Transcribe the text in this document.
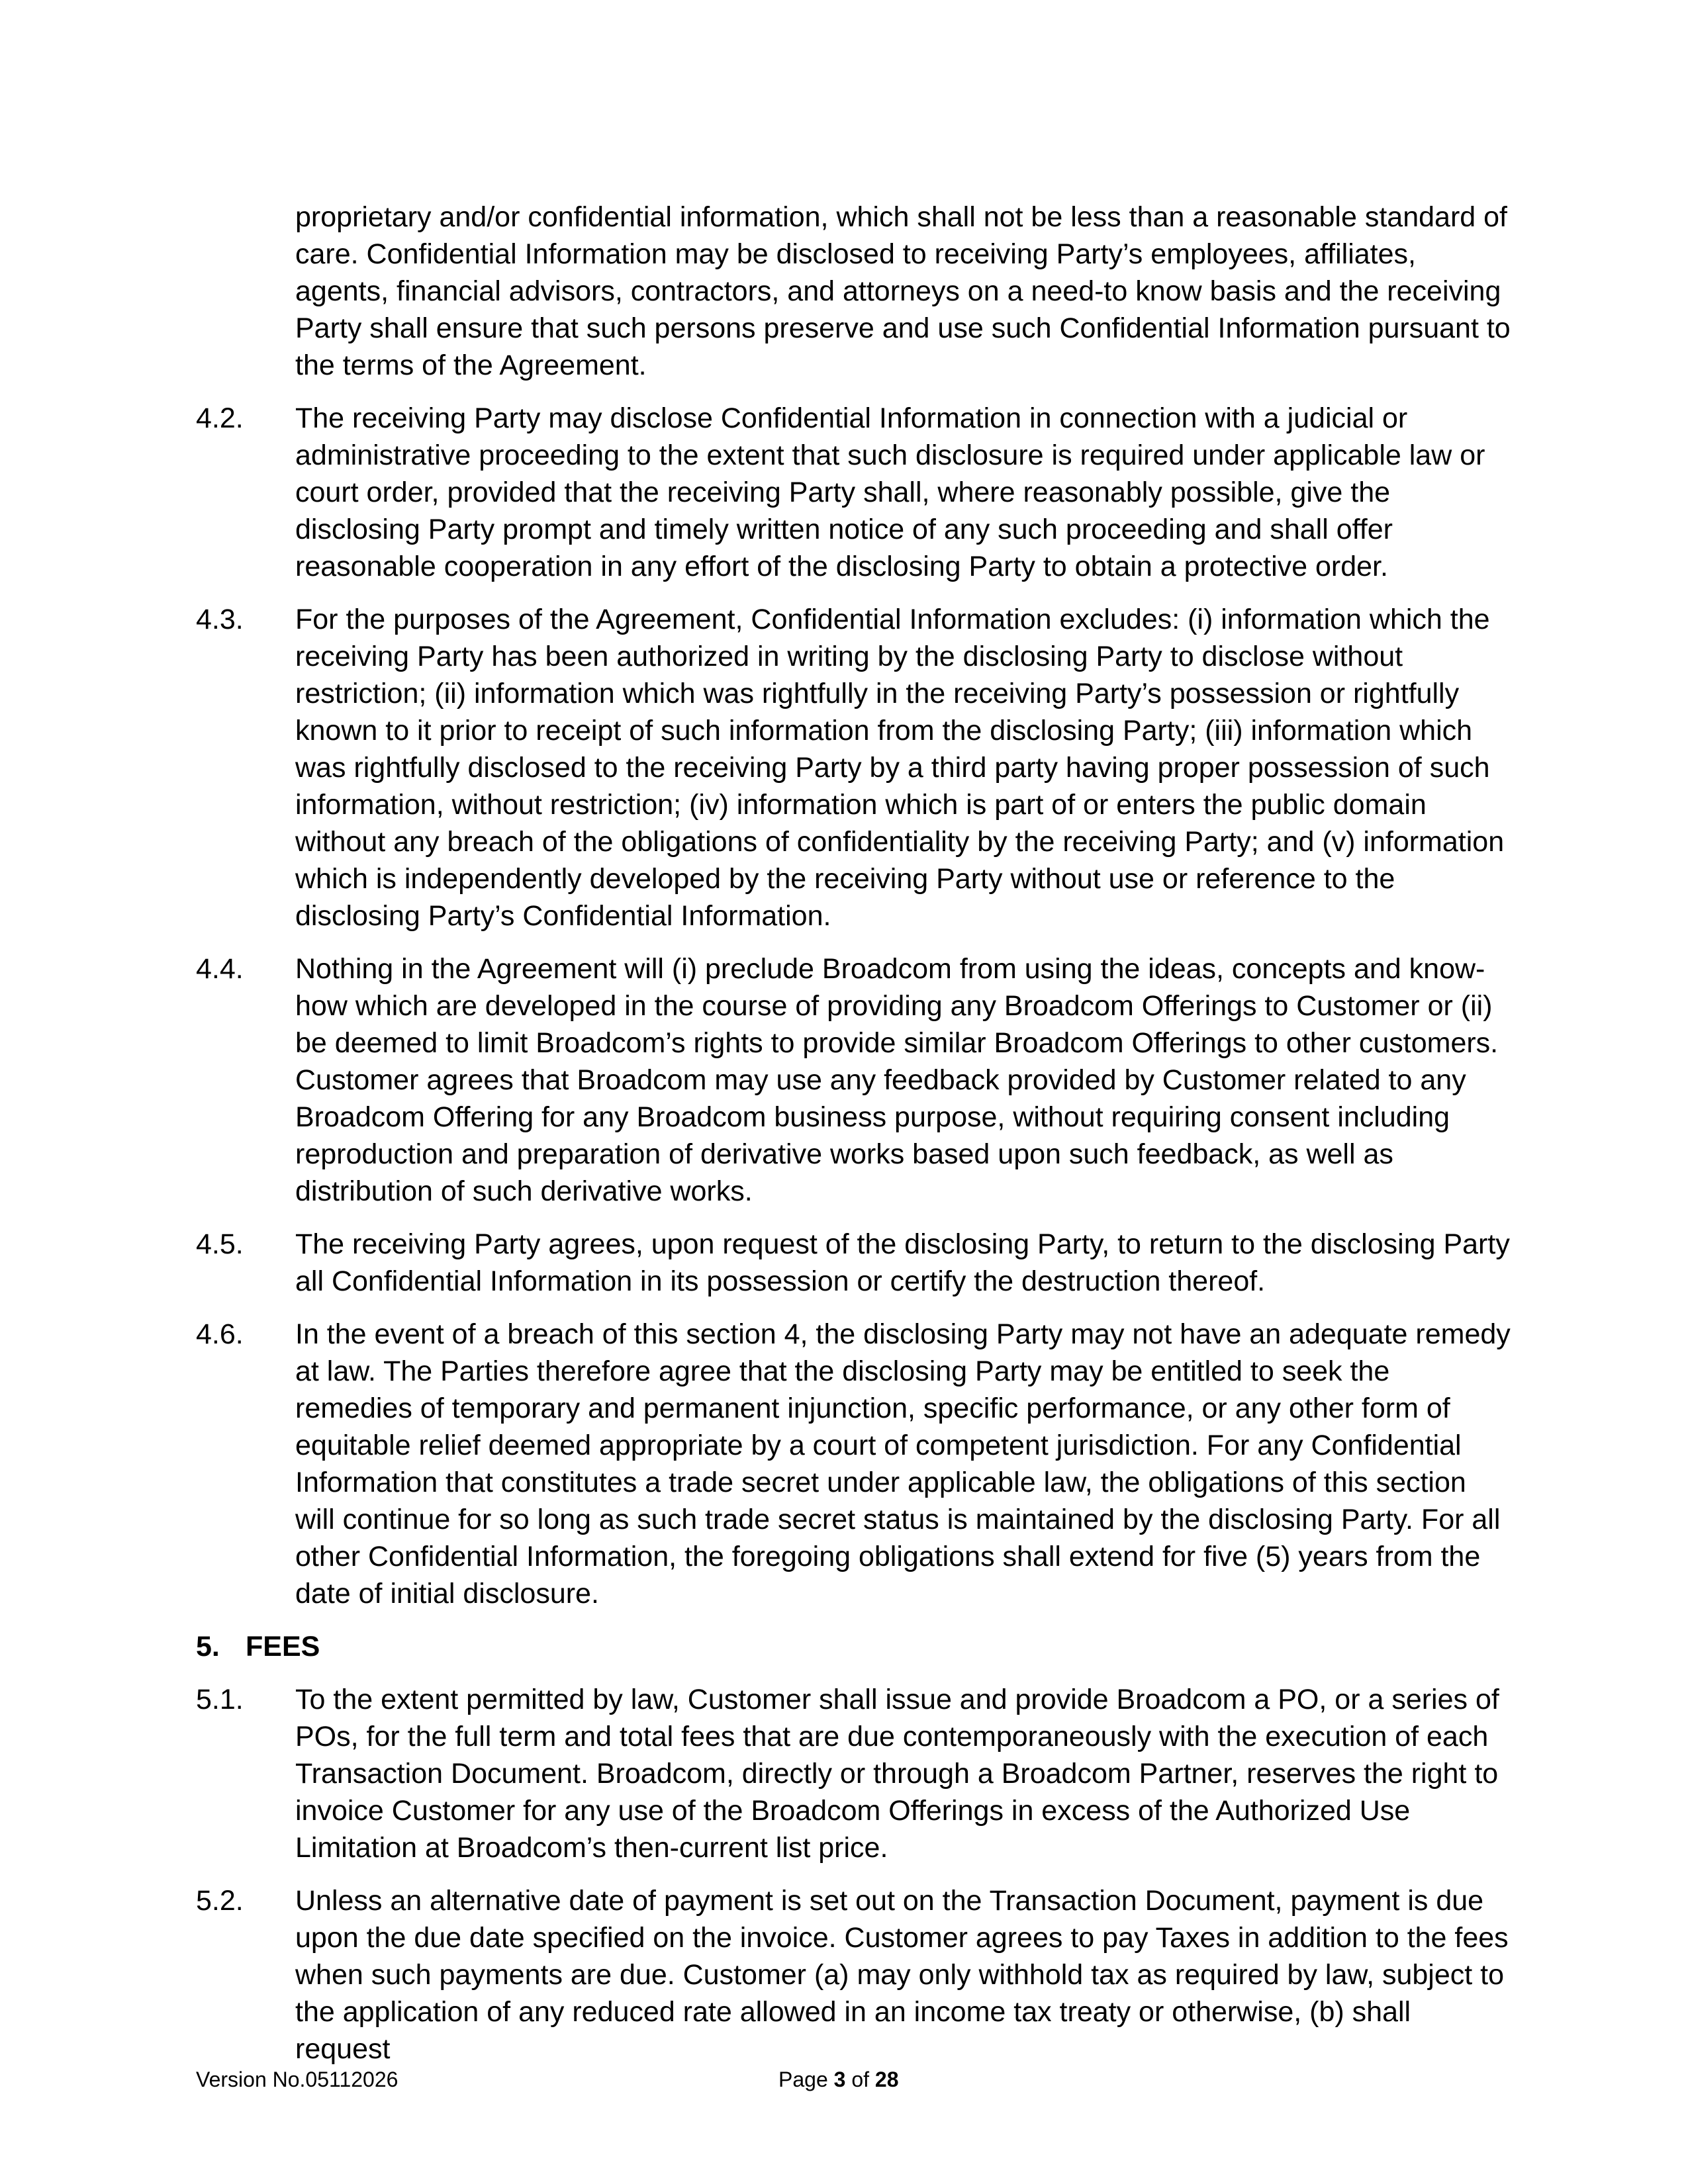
proprietary and/or confidential information, which shall not be less than a reasonable standard of care. Confidential Information may be disclosed to receiving Party’s employees, affiliates, agents, financial advisors, contractors, and attorneys on a need-to know basis and the receiving Party shall ensure that such persons preserve and use such Confidential Information pursuant to the terms of the Agreement.

4.2.	The receiving Party may disclose Confidential Information in connection with a judicial or administrative proceeding to the extent that such disclosure is required under applicable law or court order, provided that the receiving Party shall, where reasonably possible, give the disclosing Party prompt and timely written notice of any such proceeding and shall offer reasonable cooperation in any effort of the disclosing Party to obtain a protective order.
4.3.	For the purposes of the Agreement, Confidential Information excludes: (i) information which the receiving Party has been authorized in writing by the disclosing Party to disclose without restriction; (ii) information which was rightfully in the receiving Party’s possession or rightfully known to it prior to receipt of such information from the disclosing Party; (iii) information which was rightfully disclosed to the receiving Party by a third party having proper possession of such information, without restriction; (iv) information which is part of or enters the public domain without any breach of the obligations of confidentiality by the receiving Party; and (v) information which is independently developed by the receiving Party without use or reference to the disclosing Party’s Confidential Information.
4.4.	Nothing in the Agreement will (i) preclude Broadcom from using the ideas, concepts and know-how which are developed in the course of providing any Broadcom Offerings to Customer or (ii) be deemed to limit Broadcom’s rights to provide similar Broadcom Offerings to other customers. Customer agrees that Broadcom may use any feedback provided by Customer related to any Broadcom Offering for any Broadcom business purpose, without requiring consent including reproduction and preparation of derivative works based upon such feedback, as well as distribution of such derivative works.
4.5.	The receiving Party agrees, upon request of the disclosing Party, to return to the disclosing Party all Confidential Information in its possession or certify the destruction thereof.
4.6.	In the event of a breach of this section 4, the disclosing Party may not have an adequate remedy at law. The Parties therefore agree that the disclosing Party may be entitled to seek the remedies of temporary and permanent injunction, specific performance, or any other form of equitable relief deemed appropriate by a court of competent jurisdiction. For any Confidential Information that constitutes a trade secret under applicable law, the obligations of this section will continue for so long as such trade secret status is maintained by the disclosing Party. For all other Confidential Information, the foregoing obligations shall extend for five (5) years from the date of initial disclosure.
5. FEES
5.1.	To the extent permitted by law, Customer shall issue and provide Broadcom a PO, or a series of POs, for the full term and total fees that are due contemporaneously with the execution of each Transaction Document. Broadcom, directly or through a Broadcom Partner, reserves the right to invoice Customer for any use of the Broadcom Offerings in excess of the Authorized Use Limitation at Broadcom’s then-current list price.
5.2.	Unless an alternative date of payment is set out on the Transaction Document, payment is due upon the due date specified on the invoice. Customer agrees to pay Taxes in addition to the fees when such payments are due. Customer (a) may only withhold tax as required by law, subject to the application of any reduced rate allowed in an income tax treaty or otherwise, (b) shall request
Version No.05112026	Page 3 of 28
